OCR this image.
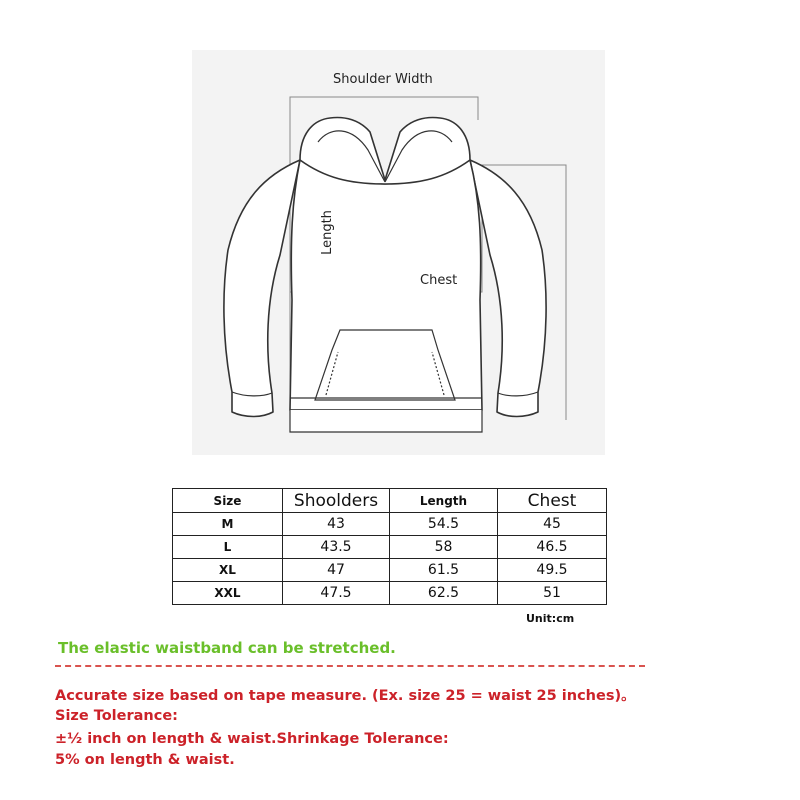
Shoulder Width
Length
Chest
Size	Shoolders	Length	Chest
M	43	54.5	45
L	43.5	58	46.5
XL	47	61.5	49.5
XXL	47.5	62.5	51
Unit:cm
The elastic waistband can be stretched.
Accurate size based on tape measure. (Ex. size 25 = waist 25 inches)。
Size Tolerance:
±½ inch on length & waist.Shrinkage Tolerance:
5% on length & waist.
